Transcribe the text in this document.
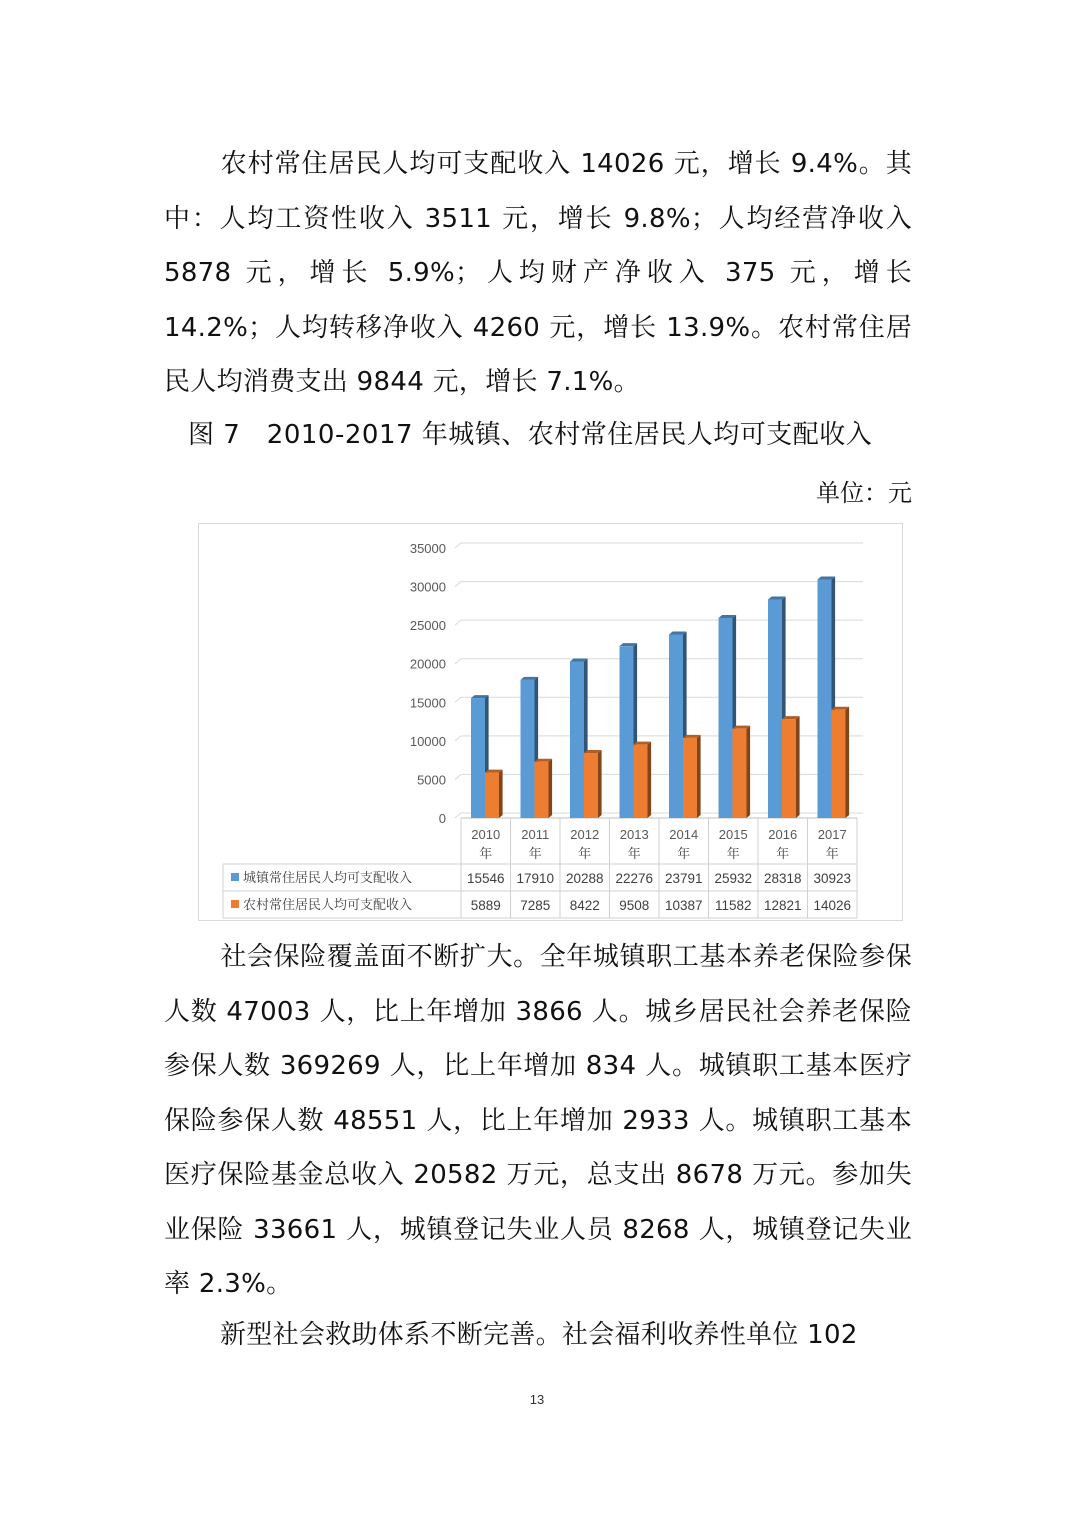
农村常住居民人均可支配收入 14026 元，增长 9.4%。其中：人均工资性收入 3511 元，增长 9.8%；人均经营净收入 5878 元，增长 5.9%；人均财产净收入 375 元，增长 14.2%；人均转移净收入 4260 元，增长 13.9%。农村常住居民人均消费支出 9844 元，增长 7.1%。

图 7　2010-2017 年城镇、农村常住居民人均可支配收入
单位：元
0
5000
10000
15000
20000
25000
30000
35000
2010
年
2011
年
2012
年
2013
年
2014
年
2015
年
2016
年
2017
年
城镇常住居民人均可支配收入	15546 17910 20288 22276 23791 25932 28318 30923
农村常住居民人均可支配收入	5889 7285 8422 9508 10387 11582 12821 14026

社会保险覆盖面不断扩大。全年城镇职工基本养老保险参保人数 47003 人，比上年增加 3866 人。城乡居民社会养老保险参保人数 369269 人，比上年增加 834 人。城镇职工基本医疗保险参保人数 48551 人，比上年增加 2933 人。城镇职工基本医疗保险基金总收入 20582 万元，总支出 8678 万元。参加失业保险 33661 人，城镇登记失业人员 8268 人，城镇登记失业率 2.3%。

新型社会救助体系不断完善。社会福利收养性单位 102

13
